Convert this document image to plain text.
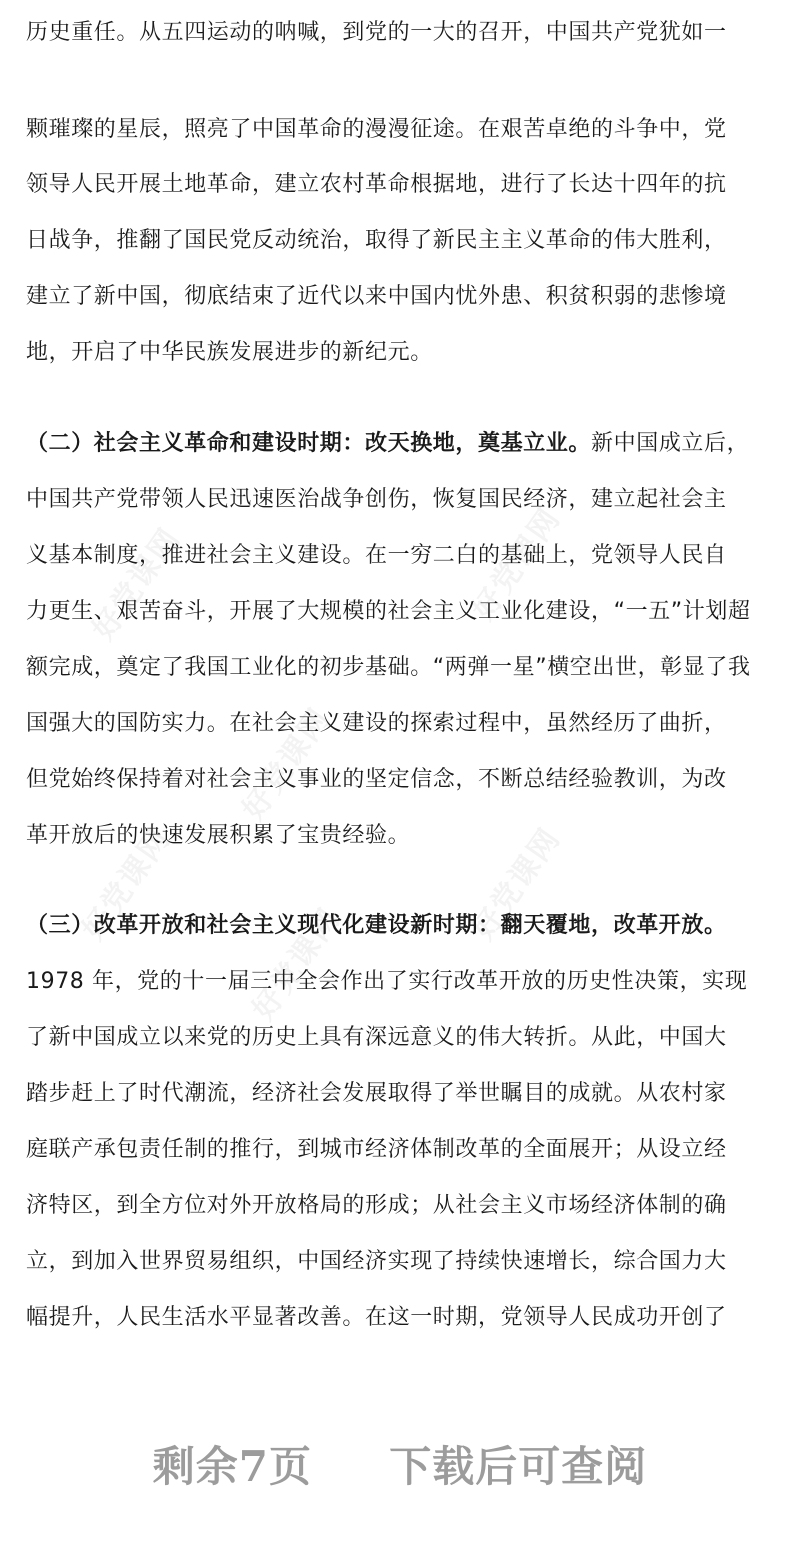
好党课网	好党课网
好党课网
好党课网	好党课网
好党课网
历史重任。从五四运动的呐喊，到党的一大的召开，中国共产党犹如一
颗璀璨的星辰，照亮了中国革命的漫漫征途。在艰苦卓绝的斗争中，党
领导人民开展土地革命，建立农村革命根据地，进行了长达十四年的抗
日战争，推翻了国民党反动统治，取得了新民主主义革命的伟大胜利，
建立了新中国，彻底结束了近代以来中国内忧外患、积贫积弱的悲惨境
地，开启了中华民族发展进步的新纪元。
（二）社会主义革命和建设时期：改天换地，奠基立业。新中国成立后，
中国共产党带领人民迅速医治战争创伤，恢复国民经济，建立起社会主
义基本制度，推进社会主义建设。在一穷二白的基础上，党领导人民自
力更生、艰苦奋斗，开展了大规模的社会主义工业化建设，“一五”计划超
额完成，奠定了我国工业化的初步基础。“两弹一星”横空出世，彰显了我
国强大的国防实力。在社会主义建设的探索过程中，虽然经历了曲折，
但党始终保持着对社会主义事业的坚定信念，不断总结经验教训，为改
革开放后的快速发展积累了宝贵经验。
（三）改革开放和社会主义现代化建设新时期：翻天覆地，改革开放。
1978 年，党的十一届三中全会作出了实行改革开放的历史性决策，实现
了新中国成立以来党的历史上具有深远意义的伟大转折。从此，中国大
踏步赶上了时代潮流，经济社会发展取得了举世瞩目的成就。从农村家
庭联产承包责任制的推行，到城市经济体制改革的全面展开；从设立经
济特区，到全方位对外开放格局的形成；从社会主义市场经济体制的确
立，到加入世界贸易组织，中国经济实现了持续快速增长，综合国力大
幅提升，人民生活水平显著改善。在这一时期，党领导人民成功开创了
剩余7页 下载后可查阅
